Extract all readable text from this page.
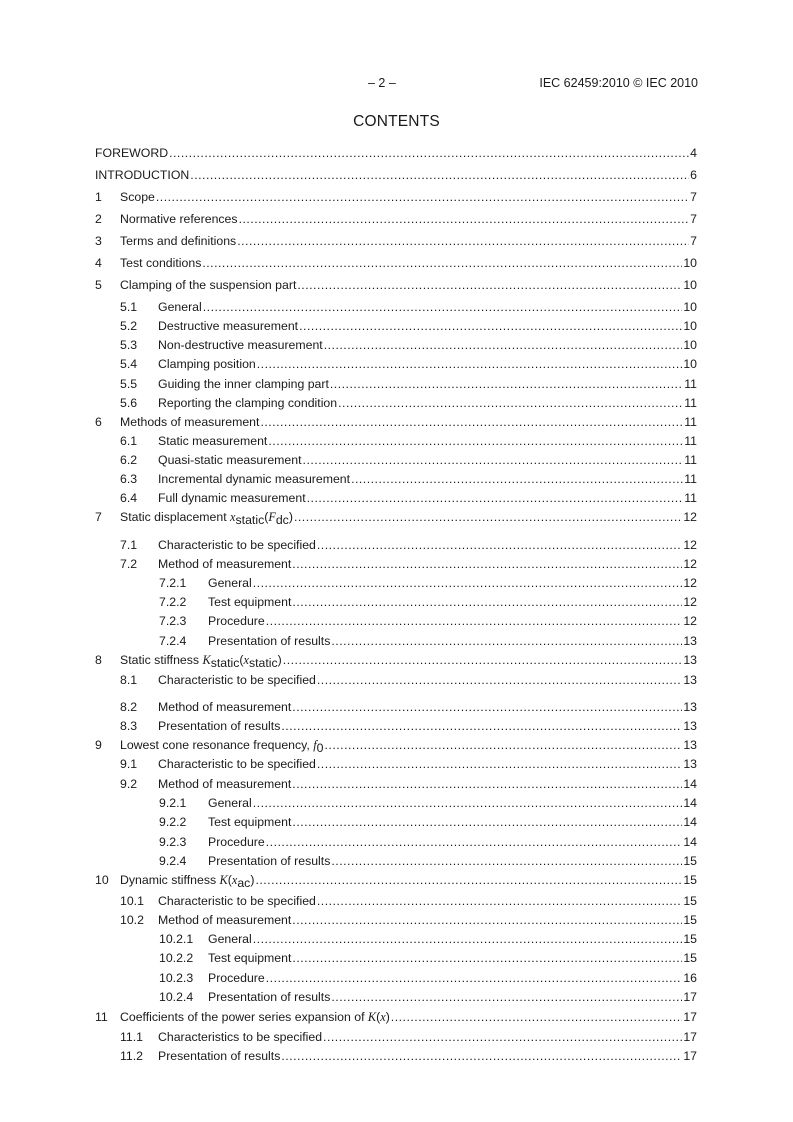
– 2 –	IEC 62459:2010 © IEC 2010
CONTENTS
FOREWORD .....	4
INTRODUCTION .....	6
1	Scope .....	7
2	Normative references .....	7
3	Terms and definitions .....	7
4	Test conditions .....	10
5	Clamping of the suspension part .....	10
5.1	General .....	10
5.2	Destructive measurement .....	10
5.3	Non-destructive measurement .....	10
5.4	Clamping position .....	10
5.5	Guiding the inner clamping part .....	11
5.6	Reporting the clamping condition .....	11
6	Methods of measurement .....	11
6.1	Static measurement .....	11
6.2	Quasi-static measurement .....	11
6.3	Incremental dynamic measurement .....	11
6.4	Full dynamic measurement .....	11
7	Static displacement xstatic(Fdc) .....	12
7.1	Characteristic to be specified .....	12
7.2	Method of measurement .....	12
7.2.1	General .....	12
7.2.2	Test equipment .....	12
7.2.3	Procedure .....	12
7.2.4	Presentation of results .....	13
8	Static stiffness Kstatic(xstatic) .....	13
8.1	Characteristic to be specified .....	13
8.2	Method of measurement .....	13
8.3	Presentation of results .....	13
9	Lowest cone resonance frequency, f0 .....	13
9.1	Characteristic to be specified .....	13
9.2	Method of measurement .....	14
9.2.1	General .....	14
9.2.2	Test equipment .....	14
9.2.3	Procedure .....	14
9.2.4	Presentation of results .....	15
10 Dynamic stiffness K(xac) .....	15
10.1	Characteristic to be specified .....	15
10.2	Method of measurement .....	15
10.2.1	General .....	15
10.2.2	Test equipment .....	15
10.2.3	Procedure .....	16
10.2.4	Presentation of results .....	17
11 Coefficients of the power series expansion of K(x) .....	17
11.1	Characteristics to be specified .....	17
11.2	Presentation of results .....	17
